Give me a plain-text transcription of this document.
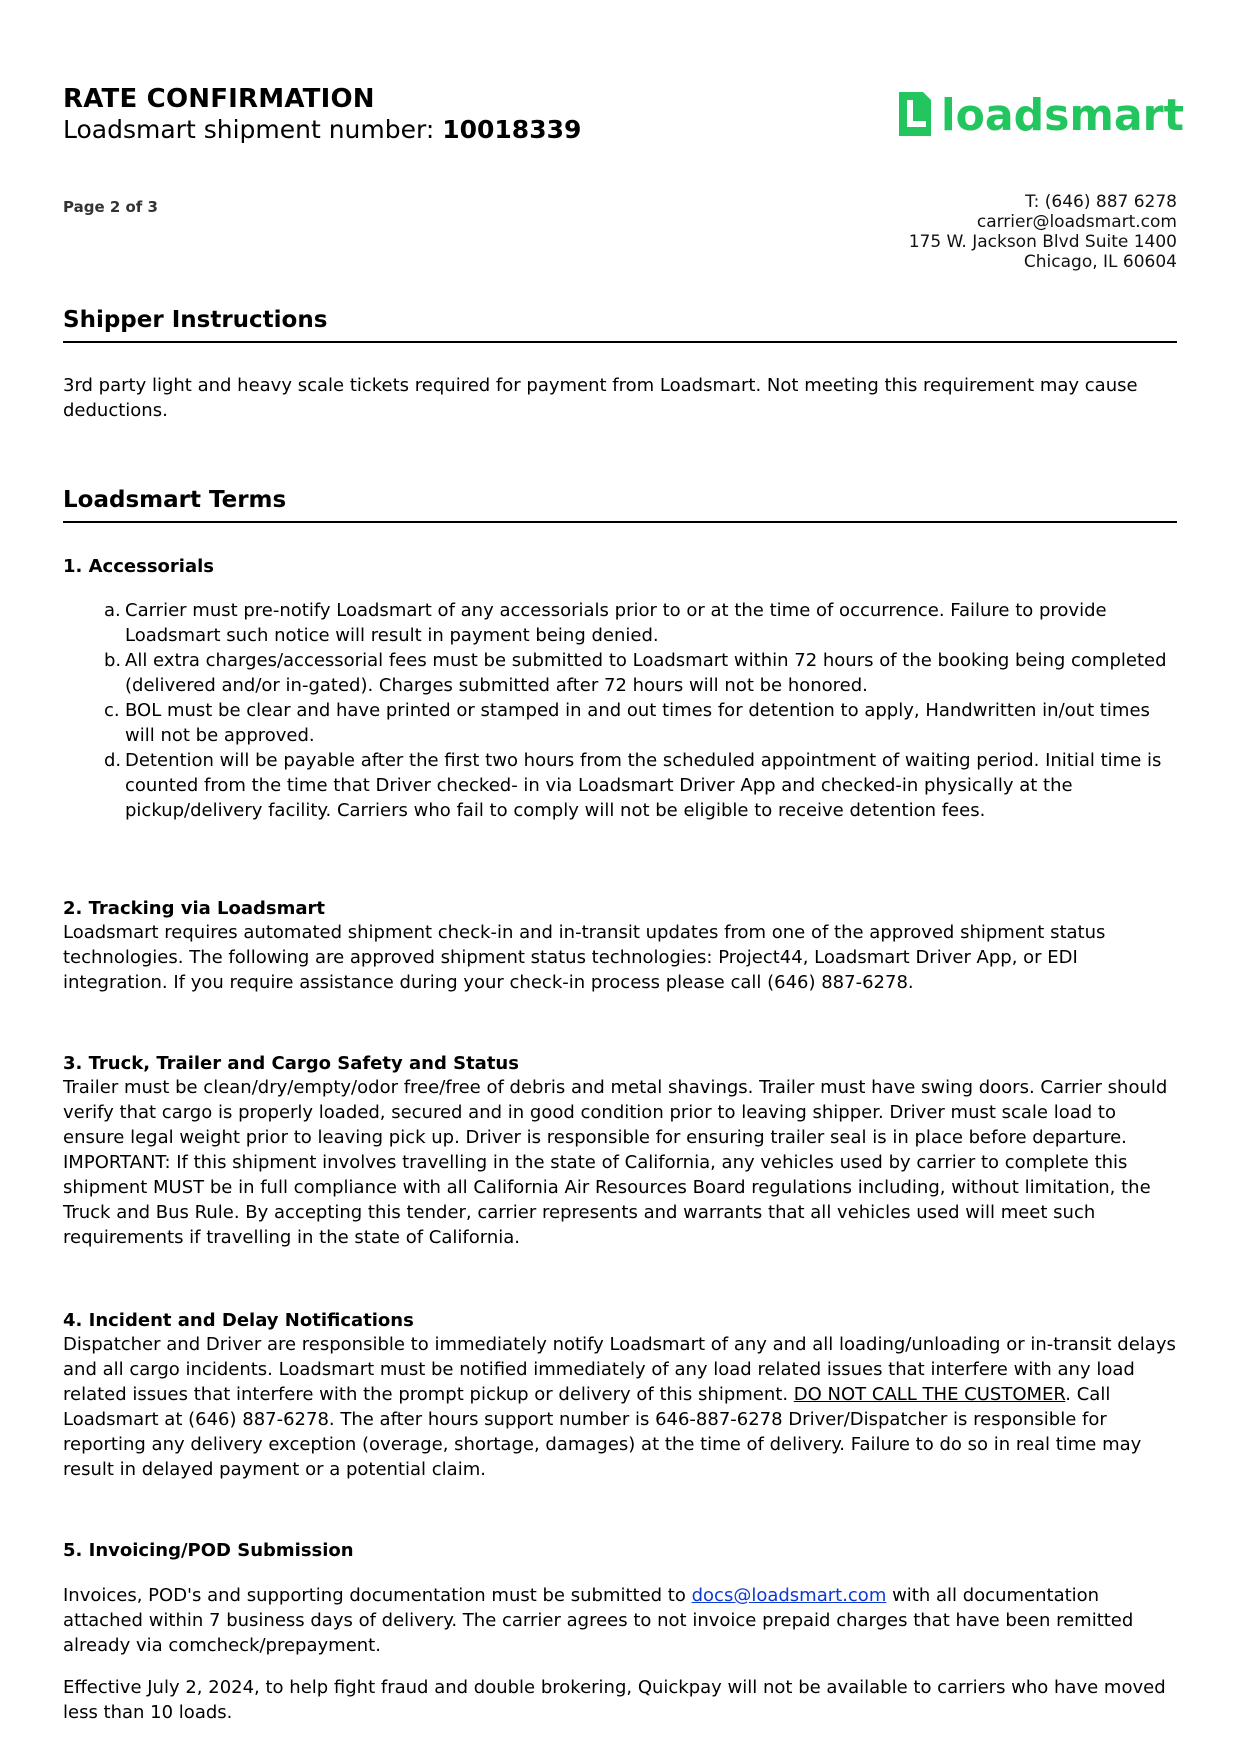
RATE CONFIRMATION
Loadsmart shipment number: 10018339	loadsmart
Page 2 of 3	T: (646) 887 6278
carrier@loadsmart.com
175 W. Jackson Blvd Suite 1400
Chicago, IL 60604
Shipper Instructions
3rd party light and heavy scale tickets required for payment from Loadsmart. Not meeting this requirement may cause deductions.
Loadsmart Terms
1. Accessorials
a. Carrier must pre-notify Loadsmart of any accessorials prior to or at the time of occurrence. Failure to provide Loadsmart such notice will result in payment being denied.
b. All extra charges/accessorial fees must be submitted to Loadsmart within 72 hours of the booking being completed (delivered and/or in-gated). Charges submitted after 72 hours will not be honored.
c. BOL must be clear and have printed or stamped in and out times for detention to apply, Handwritten in/out times will not be approved.
d. Detention will be payable after the first two hours from the scheduled appointment of waiting period. Initial time is counted from the time that Driver checked- in via Loadsmart Driver App and checked-in physically at the pickup/delivery facility. Carriers who fail to comply will not be eligible to receive detention fees.
2. Tracking via Loadsmart
Loadsmart requires automated shipment check-in and in-transit updates from one of the approved shipment status technologies. The following are approved shipment status technologies: Project44, Loadsmart Driver App, or EDI integration. If you require assistance during your check-in process please call (646) 887-6278.
3. Truck, Trailer and Cargo Safety and Status
Trailer must be clean/dry/empty/odor free/free of debris and metal shavings. Trailer must have swing doors. Carrier should verify that cargo is properly loaded, secured and in good condition prior to leaving shipper. Driver must scale load to ensure legal weight prior to leaving pick up. Driver is responsible for ensuring trailer seal is in place before departure. IMPORTANT: If this shipment involves travelling in the state of California, any vehicles used by carrier to complete this shipment MUST be in full compliance with all California Air Resources Board regulations including, without limitation, the Truck and Bus Rule. By accepting this tender, carrier represents and warrants that all vehicles used will meet such requirements if travelling in the state of California.
4. Incident and Delay Notifications
Dispatcher and Driver are responsible to immediately notify Loadsmart of any and all loading/unloading or in-transit delays and all cargo incidents. Loadsmart must be notified immediately of any load related issues that interfere with any load related issues that interfere with the prompt pickup or delivery of this shipment. DO NOT CALL THE CUSTOMER. Call Loadsmart at (646) 887-6278. The after hours support number is 646-887-6278 Driver/Dispatcher is responsible for reporting any delivery exception (overage, shortage, damages) at the time of delivery. Failure to do so in real time may result in delayed payment or a potential claim.
5. Invoicing/POD Submission
Invoices, POD's and supporting documentation must be submitted to docs@loadsmart.com with all documentation attached within 7 business days of delivery. The carrier agrees to not invoice prepaid charges that have been remitted already via comcheck/prepayment.
Effective July 2, 2024, to help fight fraud and double brokering, Quickpay will not be available to carriers who have moved less than 10 loads.
